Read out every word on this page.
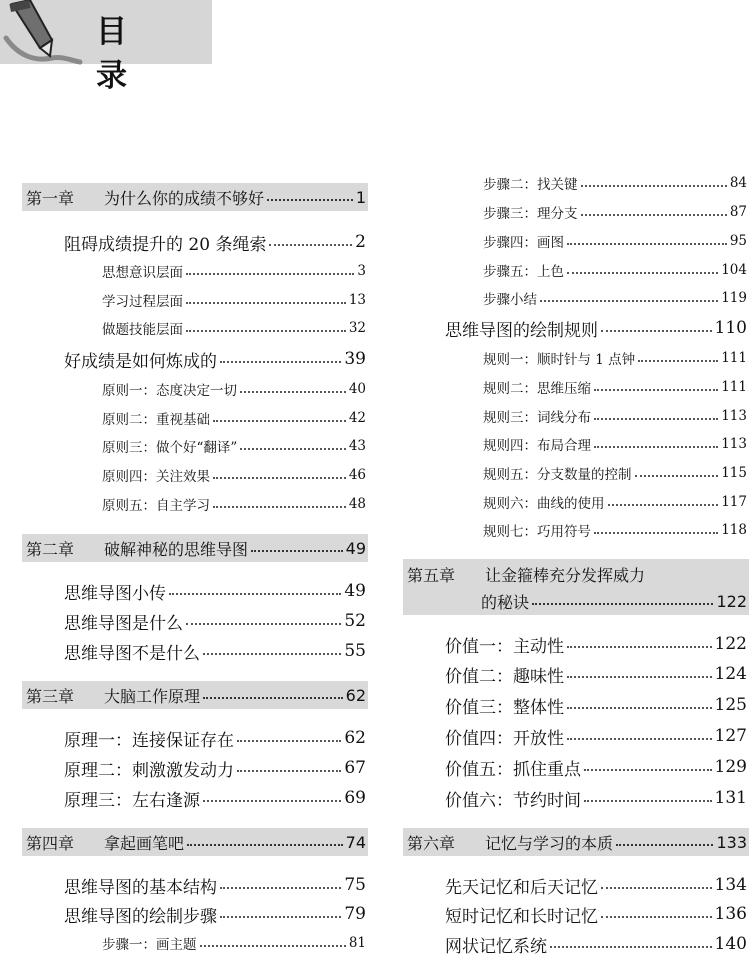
目 录
第一章	为什么你的成绩不够好	1
阻碍成绩提升的 20 条绳索	2
思想意识层面	3
学习过程层面	13
做题技能层面	32
好成绩是如何炼成的	39
原则一：态度决定一切	40
原则二：重视基础	42
原则三：做个好“翻译”	43
原则四：关注效果	46
原则五：自主学习	48
第二章	破解神秘的思维导图	49
思维导图小传	49
思维导图是什么	52
思维导图不是什么	55
第三章	大脑工作原理	62
原理一：连接保证存在	62
原理二：刺激激发动力	67
原理三：左右逢源	69
第四章	拿起画笔吧	74
思维导图的基本结构	75
思维导图的绘制步骤	79
步骤一：画主题	81
步骤二：找关键	84
步骤三：理分支	87
步骤四：画图	95
步骤五：上色	104
步骤小结	119
思维导图的绘制规则	110
规则一：顺时针与 1 点钟	111
规则二：思维压缩	111
规则三：词线分布	113
规则四：布局合理	113
规则五：分支数量的控制	115
规则六：曲线的使用	117
规则七：巧用符号	118
第五章	让金箍棒充分发挥威力
的秘诀	122
价值一：主动性	122
价值二：趣味性	124
价值三：整体性	125
价值四：开放性	127
价值五：抓住重点	129
价值六：节约时间	131
第六章	记忆与学习的本质	133
先天记忆和后天记忆	134
短时记忆和长时记忆	136
网状记忆系统	140
